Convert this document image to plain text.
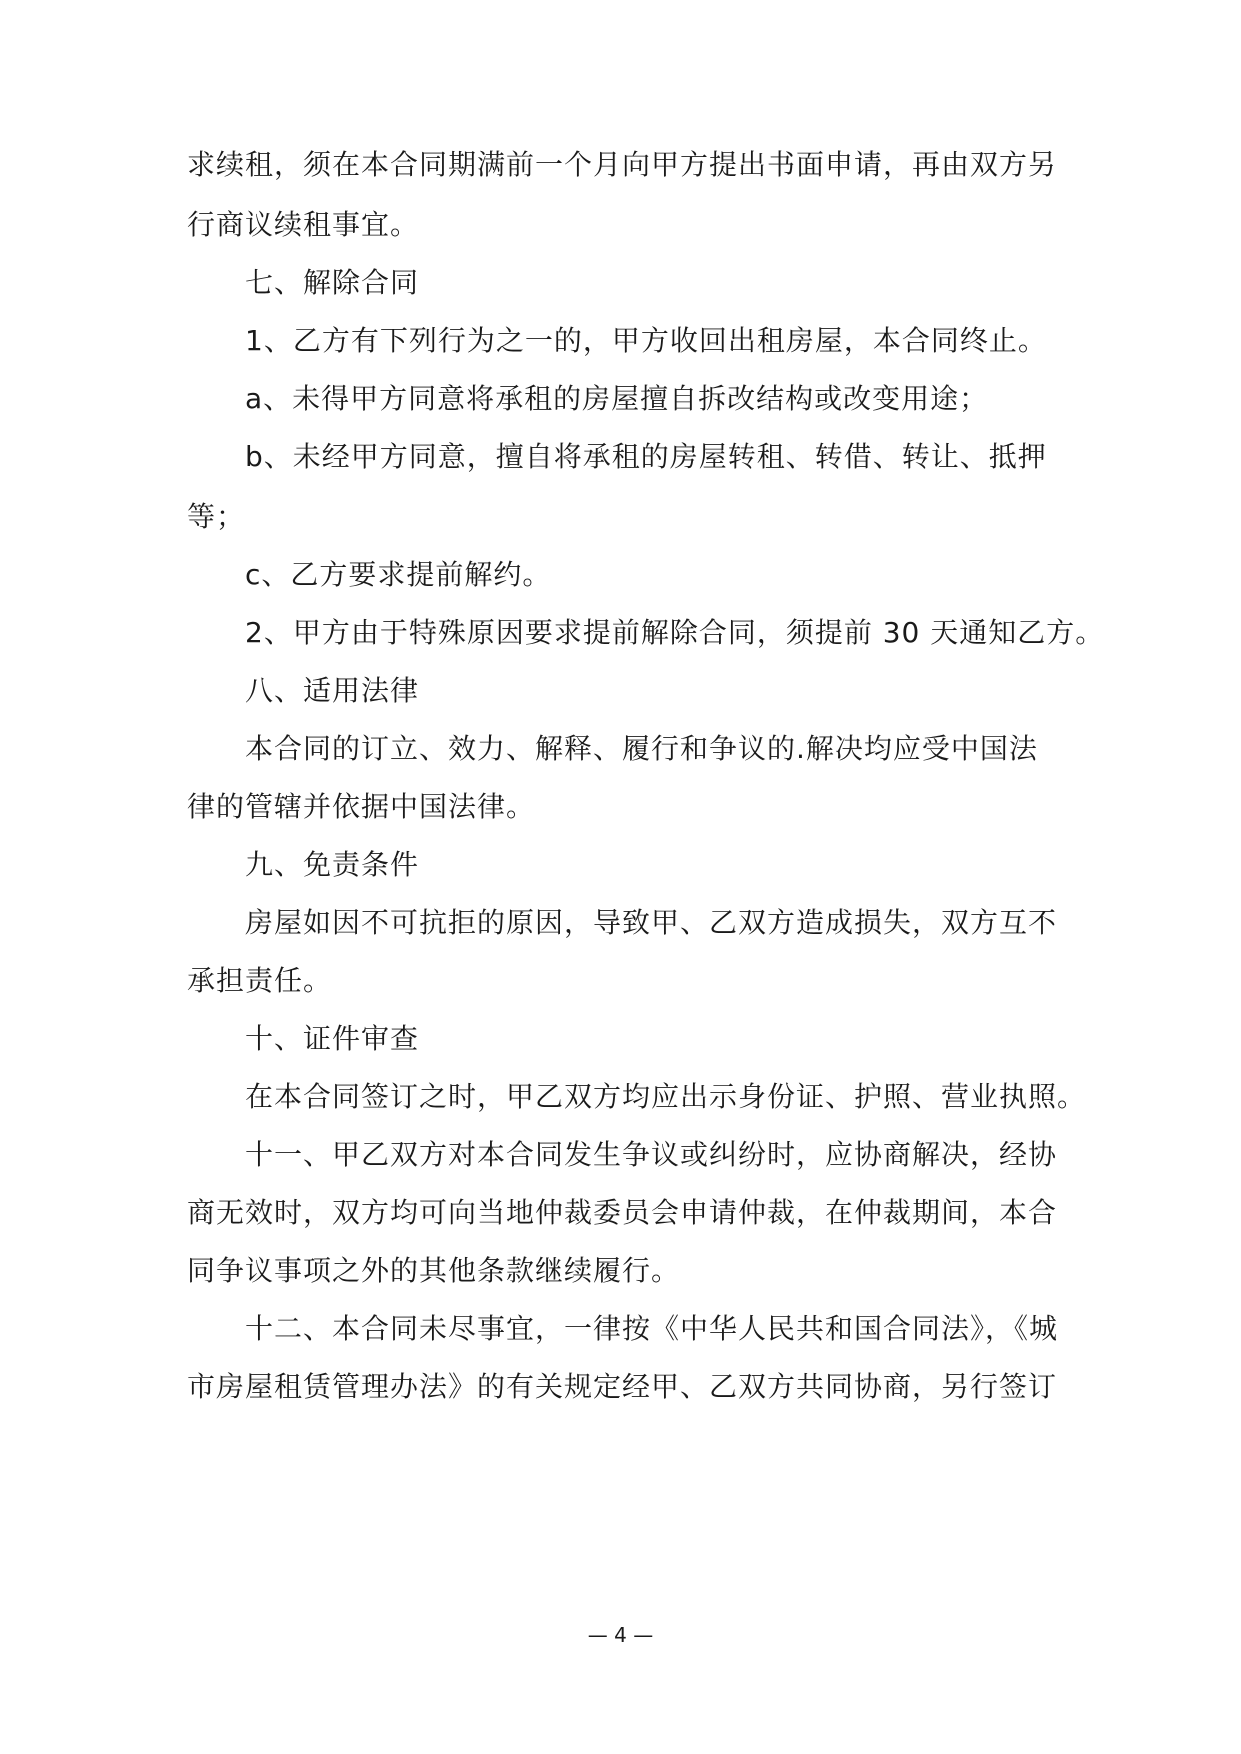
求续租，须在本合同期满前一个月向甲方提出书面申请，再由双方另
行商议续租事宜。
七、解除合同
1、乙方有下列行为之一的，甲方收回出租房屋，本合同终止。
a、未得甲方同意将承租的房屋擅自拆改结构或改变用途；
b、未经甲方同意，擅自将承租的房屋转租、转借、转让、抵押
等；
c、乙方要求提前解约。
2、甲方由于特殊原因要求提前解除合同，须提前 30 天通知乙方。
八、适用法律
本合同的订立、效力、解释、履行和争议的.解决均应受中国法
律的管辖并依据中国法律。
九、免责条件
房屋如因不可抗拒的原因，导致甲、乙双方造成损失，双方互不
承担责任。
十、证件审查
在本合同签订之时，甲乙双方均应出示身份证、护照、营业执照。
十一、甲乙双方对本合同发生争议或纠纷时，应协商解决，经协
商无效时，双方均可向当地仲裁委员会申请仲裁，在仲裁期间，本合
同争议事项之外的其他条款继续履行。
十二、本合同未尽事宜，一律按《中华人民共和国合同法》，《城
市房屋租赁管理办法》的有关规定经甲、乙双方共同协商，另行签订
— 4 —
